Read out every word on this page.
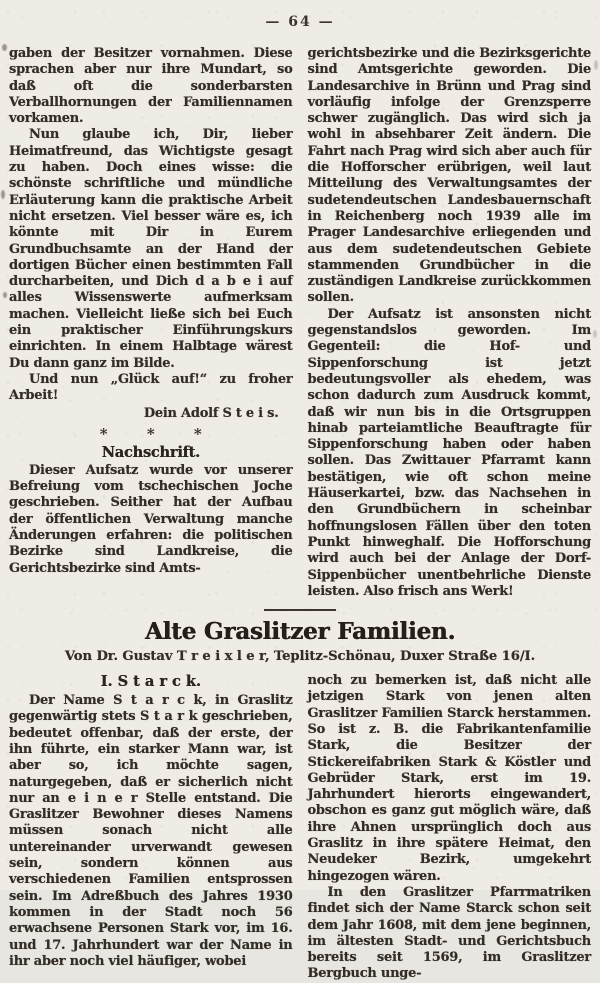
— 64 —

gaben der Besitzer vornahmen. Diese sprachen aber nur ihre Mundart, so daß oft die sonderbarsten Verballhornungen der Familiennamen vorkamen.

Nun glaube ich, Dir, lieber Heimatfreund, das Wichtigste gesagt zu haben. Doch eines wisse: die schönste schriftliche und mündliche Erläuterung kann die praktische Arbeit nicht ersetzen. Viel besser wäre es, ich könnte mit Dir in Eurem Grundbuchsamte an der Hand der dortigen Bücher einen bestimmten Fall durcharbeiten, und Dich d a b e i auf alles Wissenswerte aufmerksam machen. Vielleicht ließe sich bei Euch ein praktischer Einführungskurs einrichten. In einem Halbtage wärest Du dann ganz im Bilde.

Und nun „Glück auf!“ zu froher Arbeit!

Dein Adolf S t e i s.

* * *
Nachschrift.

Dieser Aufsatz wurde vor unserer Befreiung vom tschechischen Joche geschrieben. Seither hat der Aufbau der öffentlichen Verwaltung manche Änderungen erfahren: die politischen Bezirke sind Landkreise, die Gerichtsbezirke sind Amts-

gerichtsbezirke und die Bezirksgerichte sind Amtsgerichte geworden. Die Landesarchive in Brünn und Prag sind vorläufig infolge der Grenzsperre schwer zugänglich. Das wird sich ja wohl in absehbarer Zeit ändern. Die Fahrt nach Prag wird sich aber auch für die Hofforscher erübrigen, weil laut Mitteilung des Verwaltungsamtes der sudetendeutschen Landesbauernschaft in Reichenberg noch 1939 alle im Prager Landesarchive erliegenden und aus dem sudetendeutschen Gebiete stammenden Grundbücher in die zuständigen Landkreise zurückkommen sollen.

Der Aufsatz ist ansonsten nicht gegenstandslos geworden. Im Gegenteil: die Hof- und Sippenforschung ist jetzt bedeutungsvoller als ehedem, was schon dadurch zum Ausdruck kommt, daß wir nun bis in die Ortsgruppen hinab parteiamtliche Beauftragte für Sippenforschung haben oder haben sollen. Das Zwittauer Pfarramt kann bestätigen, wie oft schon meine Häuserkartei, bzw. das Nachsehen in den Grundbüchern in scheinbar hoffnungslosen Fällen über den toten Punkt hinweghalf. Die Hofforschung wird auch bei der Anlage der Dorf-Sippenbücher unentbehrliche Dienste leisten. Also frisch ans Werk!

Alte Graslitzer Familien.
Von Dr. Gustav T r e i x l e r, Teplitz-Schönau, Duxer Straße 16/I.
I. S t a r c k.

Der Name S t a r c k, in Graslitz gegenwärtig stets S t a r k geschrieben, bedeutet offenbar, daß der erste, der ihn führte, ein starker Mann war, ist aber so, ich möchte sagen, naturgegeben, daß er sicherlich nicht nur an e i n e r Stelle entstand. Die Graslitzer Bewohner dieses Namens müssen sonach nicht alle untereinander urverwandt gewesen sein, sondern können aus verschiedenen Familien entsprossen sein. Im Adreßbuch des Jahres 1930 kommen in der Stadt noch 56 erwachsene Personen Stark vor, im 16. und 17. Jahrhundert war der Name in ihr aber noch viel häufiger, wobei

noch zu bemerken ist, daß nicht alle jetzigen Stark von jenen alten Graslitzer Familien Starck herstammen. So ist z. B. die Fabrikantenfamilie Stark, die Besitzer der Stickereifabriken Stark & Köstler und Gebrüder Stark, erst im 19. Jahrhundert hierorts eingewandert, obschon es ganz gut möglich wäre, daß ihre Ahnen ursprünglich doch aus Graslitz in ihre spätere Heimat, den Neudeker Bezirk, umgekehrt hingezogen wären.

In den Graslitzer Pfarrmatriken findet sich der Name Starck schon seit dem Jahr 1608, mit dem jene beginnen, im ältesten Stadt- und Gerichtsbuch bereits seit 1569, im Graslitzer Bergbuch unge-
